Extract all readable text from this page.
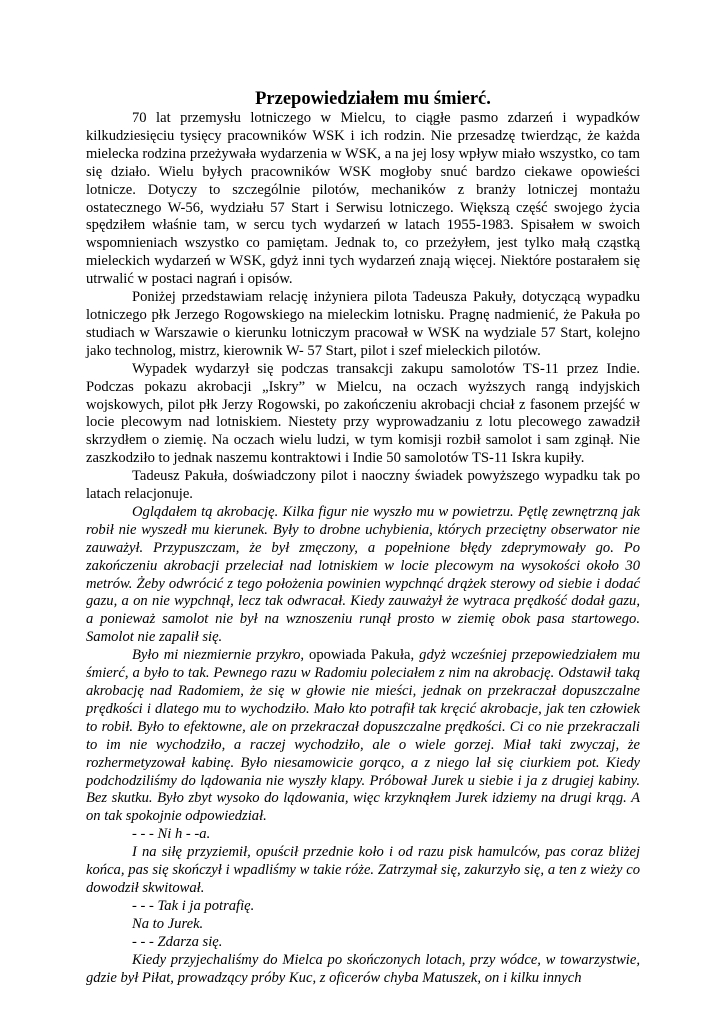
Przepowiedziałem mu śmierć.

70 lat przemysłu lotniczego w Mielcu, to ciągłe pasmo zdarzeń i wypadków kilkudziesięciu tysięcy pracowników WSK i ich rodzin. Nie przesadzę twierdząc, że każda mielecka rodzina przeżywała wydarzenia w WSK, a na jej losy wpływ miało wszystko, co tam się działo. Wielu byłych pracowników WSK mogłoby snuć bardzo ciekawe opowieści lotnicze. Dotyczy to szczególnie pilotów, mechaników z branży lotniczej montażu ostatecznego W-56, wydziału 57 Start i Serwisu lotniczego. Większą część swojego życia spędziłem właśnie tam, w sercu tych wydarzeń w latach 1955-1983. Spisałem w swoich wspomnieniach wszystko co pamiętam. Jednak to, co przeżyłem, jest tylko małą cząstką mieleckich wydarzeń w WSK, gdyż inni tych wydarzeń znają więcej. Niektóre postarałem się utrwalić w postaci nagrań i opisów.

Poniżej przedstawiam relację inżyniera pilota Tadeusza Pakuły, dotyczącą wypadku lotniczego płk Jerzego Rogowskiego na mieleckim lotnisku. Pragnę nadmienić, że Pakuła po studiach w Warszawie o kierunku lotniczym pracował w WSK na wydziale 57 Start, kolejno jako technolog, mistrz, kierownik W- 57 Start, pilot i szef mieleckich pilotów.

Wypadek wydarzył się podczas transakcji zakupu samolotów TS-11 przez Indie. Podczas pokazu akrobacji „Iskry” w Mielcu, na oczach wyższych rangą indyjskich wojskowych, pilot płk Jerzy Rogowski, po zakończeniu akrobacji chciał z fasonem przejść w locie plecowym nad lotniskiem. Niestety przy wyprowadzaniu z lotu plecowego zawadził skrzydłem o ziemię. Na oczach wielu ludzi, w tym komisji rozbił samolot i sam zginął. Nie zaszkodziło to jednak naszemu kontraktowi i Indie 50 samolotów TS-11 Iskra kupiły.

Tadeusz Pakuła, doświadczony pilot i naoczny świadek powyższego wypadku tak po latach relacjonuje.

Oglądałem tą akrobację. Kilka figur nie wyszło mu w powietrzu. Pętlę zewnętrzną jak robił nie wyszedł mu kierunek. Były to drobne uchybienia, których przeciętny obserwator nie zauważył. Przypuszczam, że był zmęczony, a popełnione błędy zdeprymowały go. Po zakończeniu akrobacji przeleciał nad lotniskiem w locie plecowym na wysokości około 30 metrów. Żeby odwrócić z tego położenia powinien wypchnąć drążek sterowy od siebie i dodać gazu, a on nie wypchnął, lecz tak odwracał. Kiedy zauważył że wytraca prędkość dodał gazu, a ponieważ samolot nie był na wznoszeniu runął prosto w ziemię obok pasa startowego. Samolot nie zapalił się.

Było mi niezmiernie przykro, opowiada Pakuła, gdyż wcześniej przepowiedziałem mu śmierć, a było to tak. Pewnego razu w Radomiu poleciałem z nim na akrobację. Odstawił taką akrobację nad Radomiem, że się w głowie nie mieści, jednak on przekraczał dopuszczalne prędkości i dlatego mu to wychodziło. Mało kto potrafił tak kręcić akrobacje, jak ten człowiek to robił. Było to efektowne, ale on przekraczał dopuszczalne prędkości. Ci co nie przekraczali to im nie wychodziło, a raczej wychodziło, ale o wiele gorzej. Miał taki zwyczaj, że rozhermetyzował kabinę. Było niesamowicie gorąco, a z niego lał się ciurkiem pot. Kiedy podchodziliśmy do lądowania nie wyszły klapy. Próbował Jurek u siebie i ja z drugiej kabiny. Bez skutku. Było zbyt wysoko do lądowania, więc krzyknąłem Jurek idziemy na drugi krąg. A on tak spokojnie odpowiedział.

- - - Ni h - -a.

I na siłę przyziemił, opuścił przednie koło i od razu pisk hamulców, pas coraz bliżej końca, pas się skończył i wpadliśmy w takie róże. Zatrzymał się, zakurzyło się, a ten z wieży co dowodził skwitował.

- - - Tak i ja potrafię.

Na to Jurek.

- - - Zdarza się.

Kiedy przyjechaliśmy do Mielca po skończonych lotach, przy wódce, w towarzystwie, gdzie był Piłat, prowadzący próby Kuc, z oficerów chyba Matuszek, on i kilku innych
